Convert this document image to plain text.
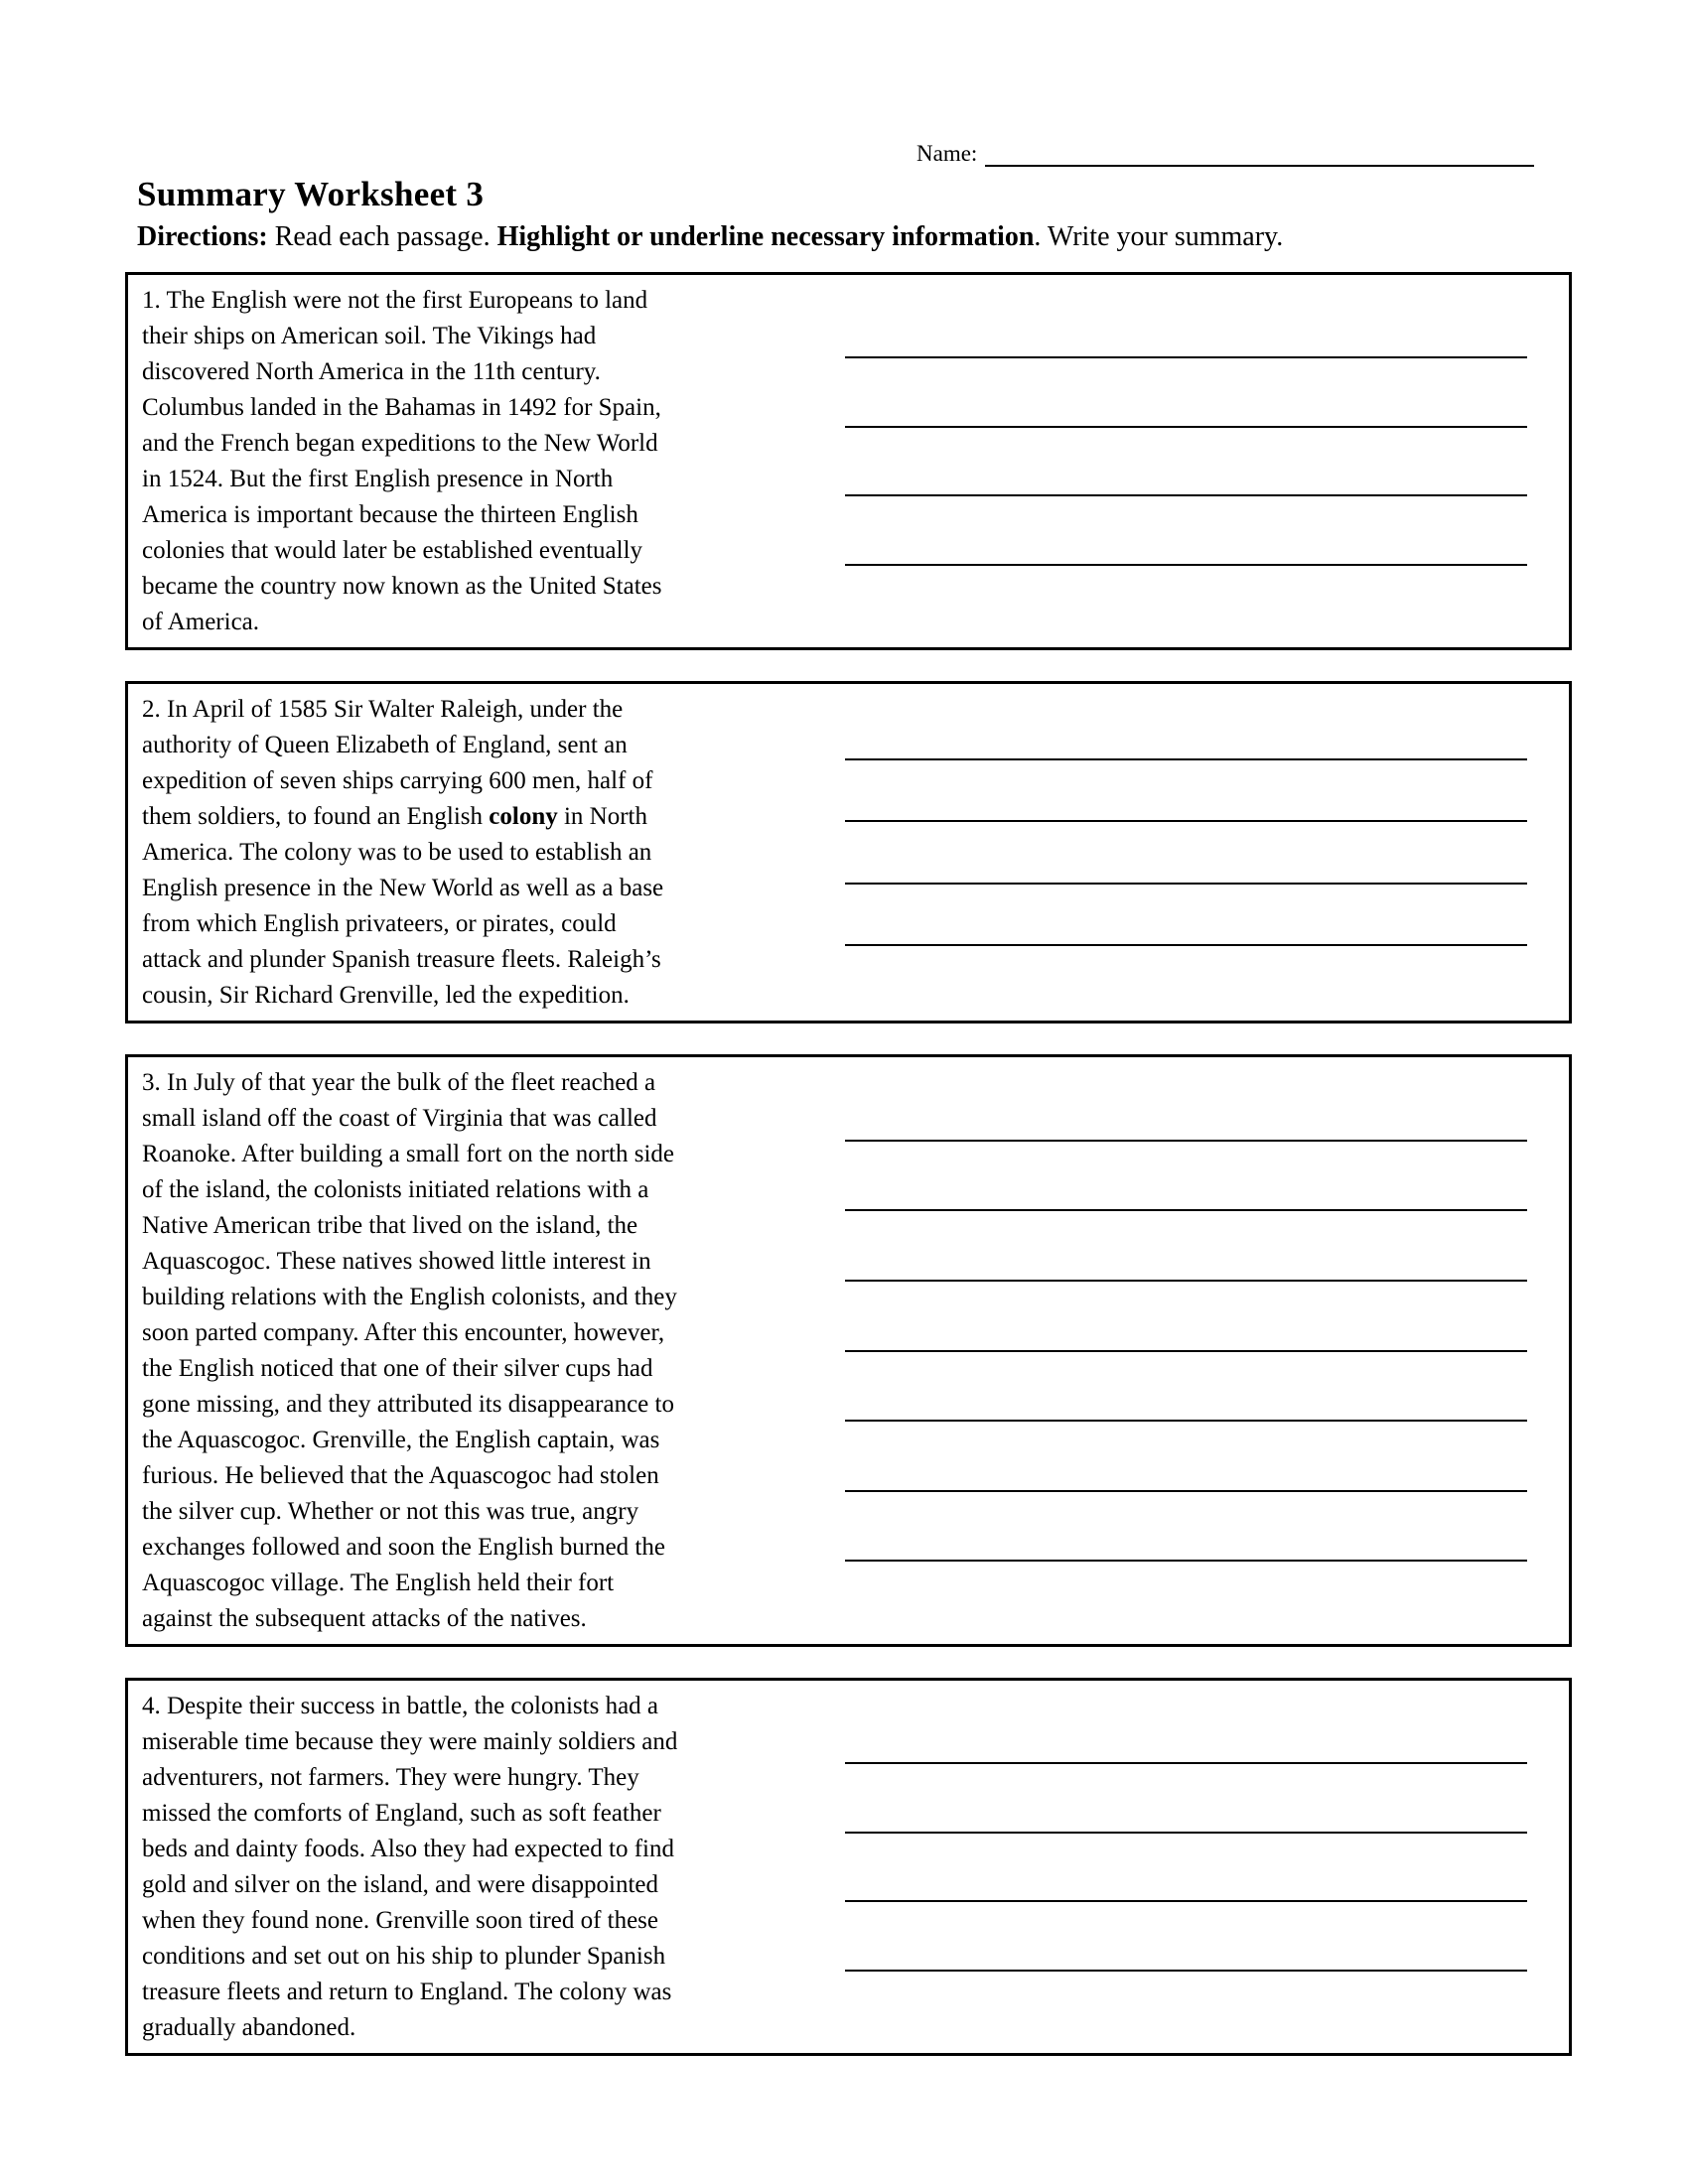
Name:
Summary Worksheet 3
Directions: Read each passage. Highlight or underline necessary information. Write your summary.
1. The English were not the first Europeans to land
their ships on American soil. The Vikings had
discovered North America in the 11th century.
Columbus landed in the Bahamas in 1492 for Spain,
and the French began expeditions to the New World
in 1524. But the first English presence in North
America is important because the thirteen English
colonies that would later be established eventually
became the country now known as the United States
of America.
2. In April of 1585 Sir Walter Raleigh, under the
authority of Queen Elizabeth of England, sent an
expedition of seven ships carrying 600 men, half of
them soldiers, to found an English colony in North
America. The colony was to be used to establish an
English presence in the New World as well as a base
from which English privateers, or pirates, could
attack and plunder Spanish treasure fleets. Raleigh’s
cousin, Sir Richard Grenville, led the expedition.
3. In July of that year the bulk of the fleet reached a
small island off the coast of Virginia that was called
Roanoke. After building a small fort on the north side
of the island, the colonists initiated relations with a
Native American tribe that lived on the island, the
Aquascogoc. These natives showed little interest in
building relations with the English colonists, and they
soon parted company. After this encounter, however,
the English noticed that one of their silver cups had
gone missing, and they attributed its disappearance to
the Aquascogoc. Grenville, the English captain, was
furious. He believed that the Aquascogoc had stolen
the silver cup. Whether or not this was true, angry
exchanges followed and soon the English burned the
Aquascogoc village. The English held their fort
against the subsequent attacks of the natives.
4. Despite their success in battle, the colonists had a
miserable time because they were mainly soldiers and
adventurers, not farmers. They were hungry. They
missed the comforts of England, such as soft feather
beds and dainty foods. Also they had expected to find
gold and silver on the island, and were disappointed
when they found none. Grenville soon tired of these
conditions and set out on his ship to plunder Spanish
treasure fleets and return to England. The colony was
gradually abandoned.
